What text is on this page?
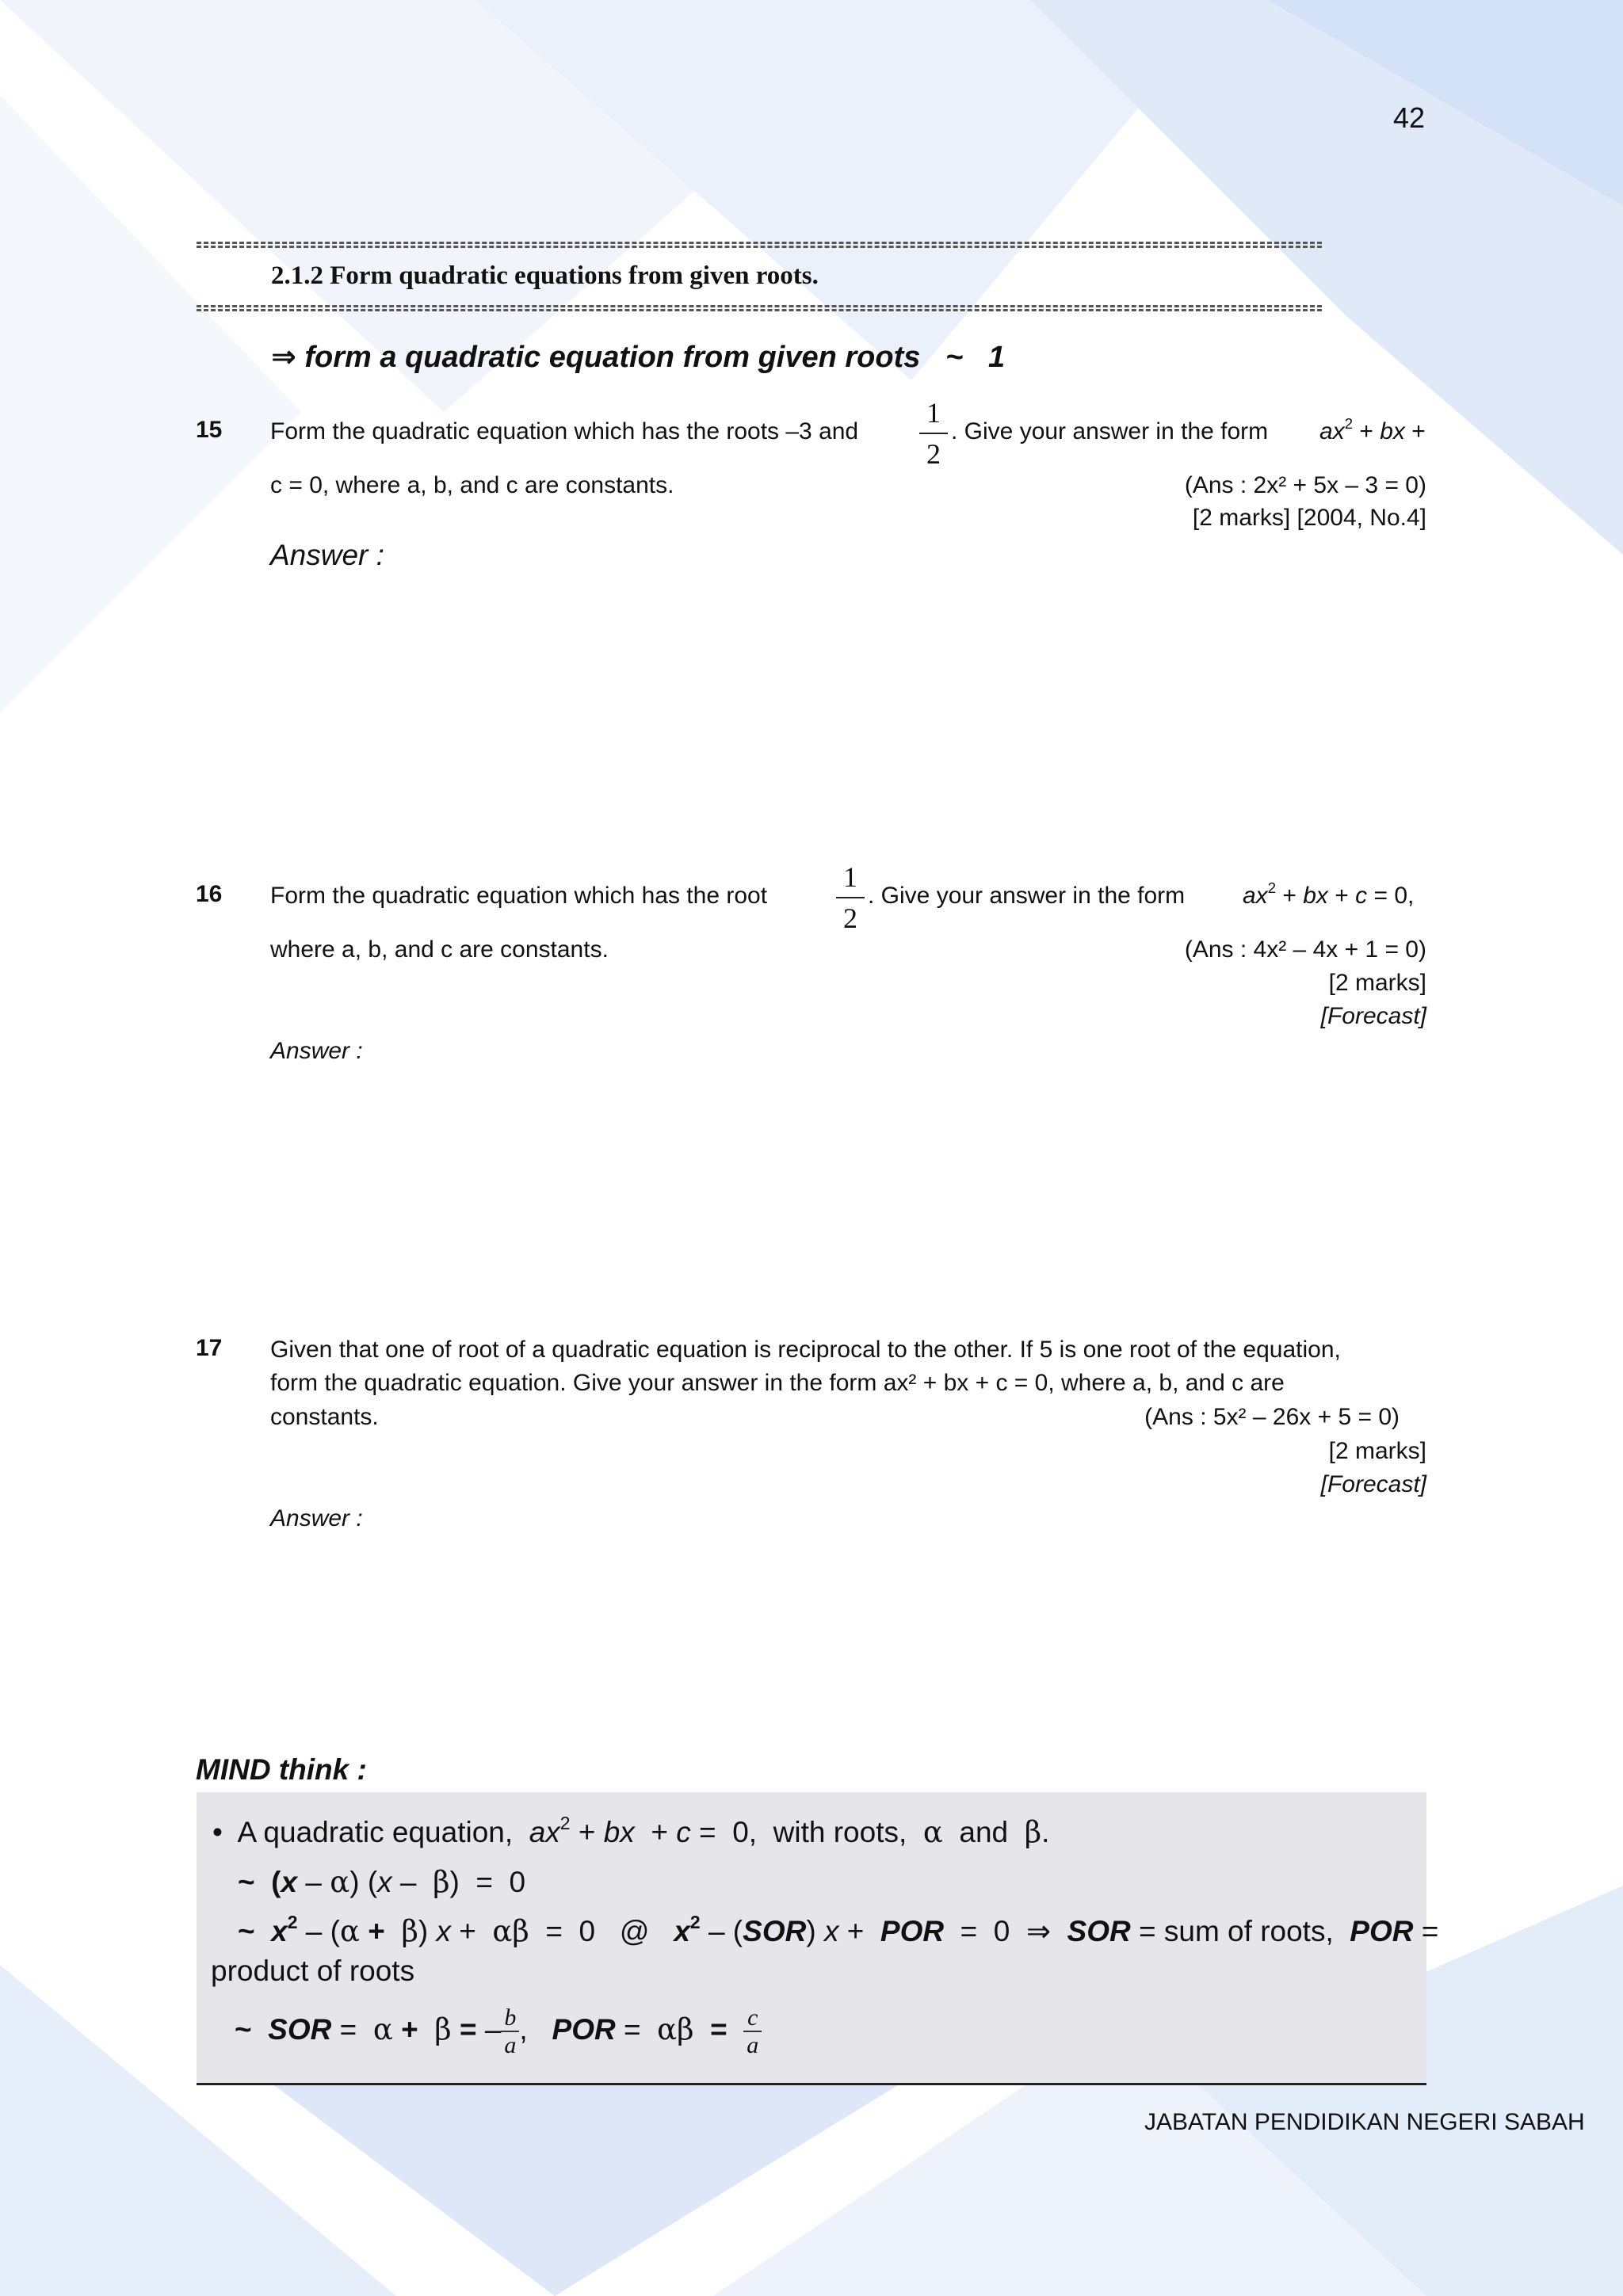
42
2.1.2 Form quadratic equations from given roots.
⇒ form a quadratic equation from given roots ~ 1
15 Form the quadratic equation which has the roots –3 and
1
2
. Give your answer in the form $ax^2$ + bx +
c = 0, where a, b, and c are constants.	(Ans : 2x² + 5x – 3 = 0)
[2 marks] [2004, No.4]
Answer :
16 Form the quadratic equation which has the root
1
2
. Give your answer in the form $ax^2$ + bx + c = 0,
where a, b, and c are constants.	(Ans : 4x² – 4x + 1 = 0)
[2 marks]
[Forecast]
Answer :
17 Given that one of root of a quadratic equation is reciprocal to the other. If 5 is one root of the equation,
form the quadratic equation. Give your answer in the form ax² + bx + c = 0, where a, b, and c are
constants.	(Ans : 5x² – 26x + 5 = 0)
[2 marks]
[Forecast]
Answer :
MIND think :
• A quadratic equation, $ax^2$ + bx  + c =  0,  with roots, α and β.
~ (x – α) (x –  β)  =  0
~ $x^2 - (\alpha + \beta) x + \alpha\beta = 0$   @   $x^2 - (SOR) x$ +  POR  =  0  ⇒  SOR = sum of roots, POR =
product of roots
~ SOR =  α + β = – $\frac{b}{a}$ ,   POR =  $\alpha\beta = \frac{c}{a}$
JABATAN PENDIDIKAN NEGERI SABAH
